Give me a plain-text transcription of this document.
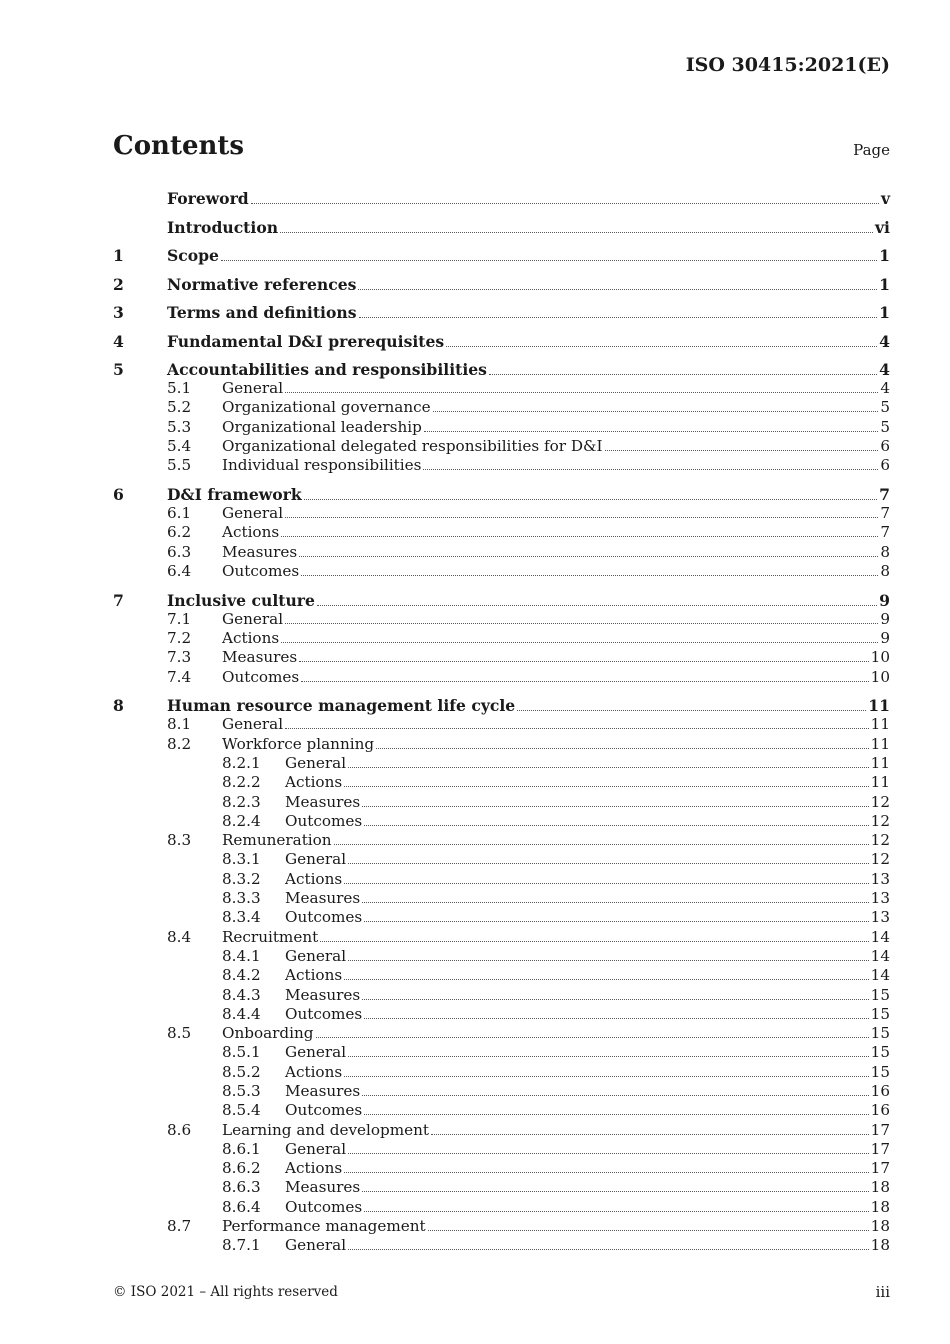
ISO 30415:2021(E)
Contents	Page
Foreword	v
Introduction	vi
1	Scope	1
2	Normative references	1
3	Terms and definitions	1
4	Fundamental D&I prerequisites	4
5	Accountabilities and responsibilities	4
5.1	General	4
5.2	Organizational governance	5
5.3	Organizational leadership	5
5.4	Organizational delegated responsibilities for D&I	6
5.5	Individual responsibilities	6
6	D&I framework	7
6.1	General	7
6.2	Actions	7
6.3	Measures	8
6.4	Outcomes	8
7	Inclusive culture	9
7.1	General	9
7.2	Actions	9
7.3	Measures	10
7.4	Outcomes	10
8	Human resource management life cycle	11
8.1	General	11
8.2	Workforce planning	11
8.2.1	General	11
8.2.2	Actions	11
8.2.3	Measures	12
8.2.4	Outcomes	12
8.3	Remuneration	12
8.3.1	General	12
8.3.2	Actions	13
8.3.3	Measures	13
8.3.4	Outcomes	13
8.4	Recruitment	14
8.4.1	General	14
8.4.2	Actions	14
8.4.3	Measures	15
8.4.4	Outcomes	15
8.5	Onboarding	15
8.5.1	General	15
8.5.2	Actions	15
8.5.3	Measures	16
8.5.4	Outcomes	16
8.6	Learning and development	17
8.6.1	General	17
8.6.2	Actions	17
8.6.3	Measures	18
8.6.4	Outcomes	18
8.7	Performance management	18
8.7.1	General	18
© ISO 2021 – All rights reserved	iii
